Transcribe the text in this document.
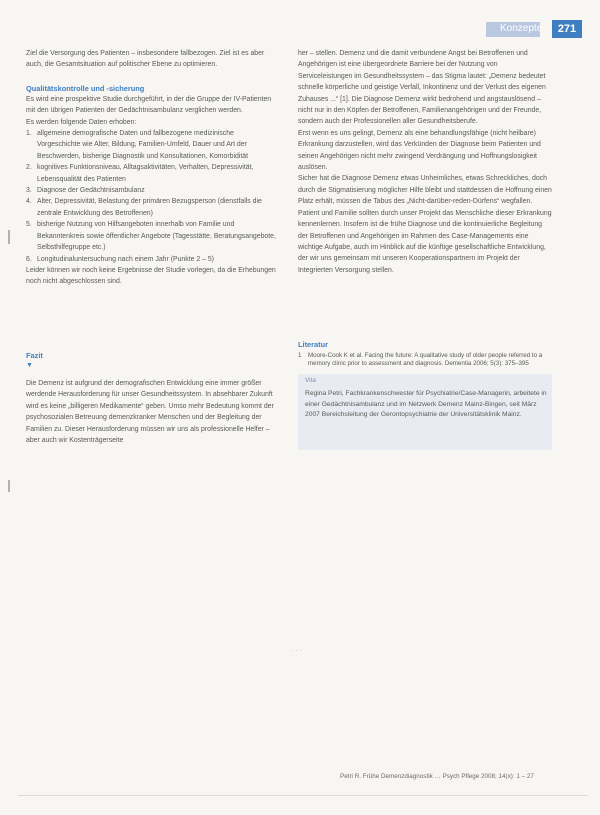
Konzepte	271

Ziel die Versorgung des Patienten – insbesondere fallbezogen. Ziel ist es aber auch, die Gesamtsituation auf politischer Ebene zu optimieren.

Qualitätskontrolle und -sicherung

Es wird eine prospektive Studie durchgeführt, in der die Gruppe der IV-Patienten mit den übrigen Patienten der Gedächtnisambulanz verglichen werden.

Es werden folgende Daten erhoben:

1. allgemeine demografische Daten und fallbezogene medizinische Vorgeschichte wie Alter, Bildung, Familien-Umfeld, Dauer und Art der Beschwerden, bisherige Diagnostik und Konsultationen, Komorbidität
2. kognitives Funktionsniveau, Alltagsaktivitäten, Verhalten, Depressivität, Lebensqualität des Patienten
3. Diagnose der Gedächtnisambulanz
4. Alter, Depressivität, Belastung der primären Bezugsperson (dienstfalls die zentrale Entwicklung des Betroffenen)
5. bisherige Nutzung von Hilfsangeboten innerhalb von Familie und Bekanntenkreis sowie öffentlicher Angebote (Tagesstätte, Beratungsangebote, Selbsthilfegruppe etc.)
6. Longitudinaluntersuchung nach einem Jahr (Punkte 2 – 5)

Leider können wir noch keine Ergebnisse der Studie vorlegen, da die Erhebungen noch nicht abgeschlossen sind.

Fazit

▼

Die Demenz ist aufgrund der demografischen Entwicklung eine immer größer werdende Herausforderung für unser Gesundheitssystem. In absehbarer Zukunft wird es keine „billigeren Medikamente“ geben. Umso mehr Bedeutung kommt der psychosozialen Betreuung demenzkranker Menschen und der Begleitung der Familien zu. Dieser Herausforderung müssen wir uns als professionelle Helfer – aber auch wir Kostenträgerseite

her – stellen. Demenz und die damit verbundene Angst bei Betroffenen und Angehörigen ist eine übergeordnete Barriere bei der Nutzung von Serviceleistungen im Gesundheitssystem – das Stigma lautet: „Demenz bedeutet schnelle körperliche und geistige Verfall, Inkontinenz und der Verlust des eigenen Zuhauses ...“ [1]. Die Diagnose Demenz wirkt bedrohend und angstauslösend – nicht nur in den Köpfen der Betroffenen, Familienangehörigen und der Freunde, sondern auch der Professionellen aller Gesundheitsberufe.

Erst wenn es uns gelingt, Demenz als eine behandlungsfähige (nicht heilbare) Erkrankung darzustellen, wird das Verkünden der Diagnose beim Patienten und seinen Angehörigen nicht mehr zwingend Verdrängung und Hoffnungslosigkeit auslösen.

Sicher hat die Diagnose Demenz etwas Unheimliches, etwas Schreckliches, doch durch die Stigmatisierung möglicher Hilfe bleibt und stattdessen die Hoffnung einen Platz erhält, müssen die Tabus des „Nicht-darüber-reden-Dürfens“ wegfallen. Patient und Familie sollten durch unser Projekt das Menschliche dieser Erkrankung kennenlernen. Insofern ist die frühe Diagnose und die kontinuierliche Begleitung der Betroffenen und Angehörigen im Rahmen des Case-Managements eine wichtige Aufgabe, auch im Hinblick auf die künftige gesellschaftliche Entwicklung, der wir uns gemeinsam mit unseren Kooperationspartnern im Projekt der Integrierten Versorgung stellen.

Literatur

1 Moore-Cook K et al. Facing the future: A qualitative study of older people referred to a memory clinic prior to assessment and diagnosis. Dementia 2006; 5(3): 375–395
Vita
Regina Petri, Fachkrankenschwester für Psychiatrie/Case-Managerin, arbeitete in einer Gedächtnisambulanz und im Netzwerk Demenz Mainz-Bingen, seit März 2007 Bereichsleitung der Gerontopsychiatrie der Universitätsklinik Mainz.
· · ·
Petri R. Frühe Demenzdiagnostik … Psych Pflege 2008; 14(x): 1 – 27
